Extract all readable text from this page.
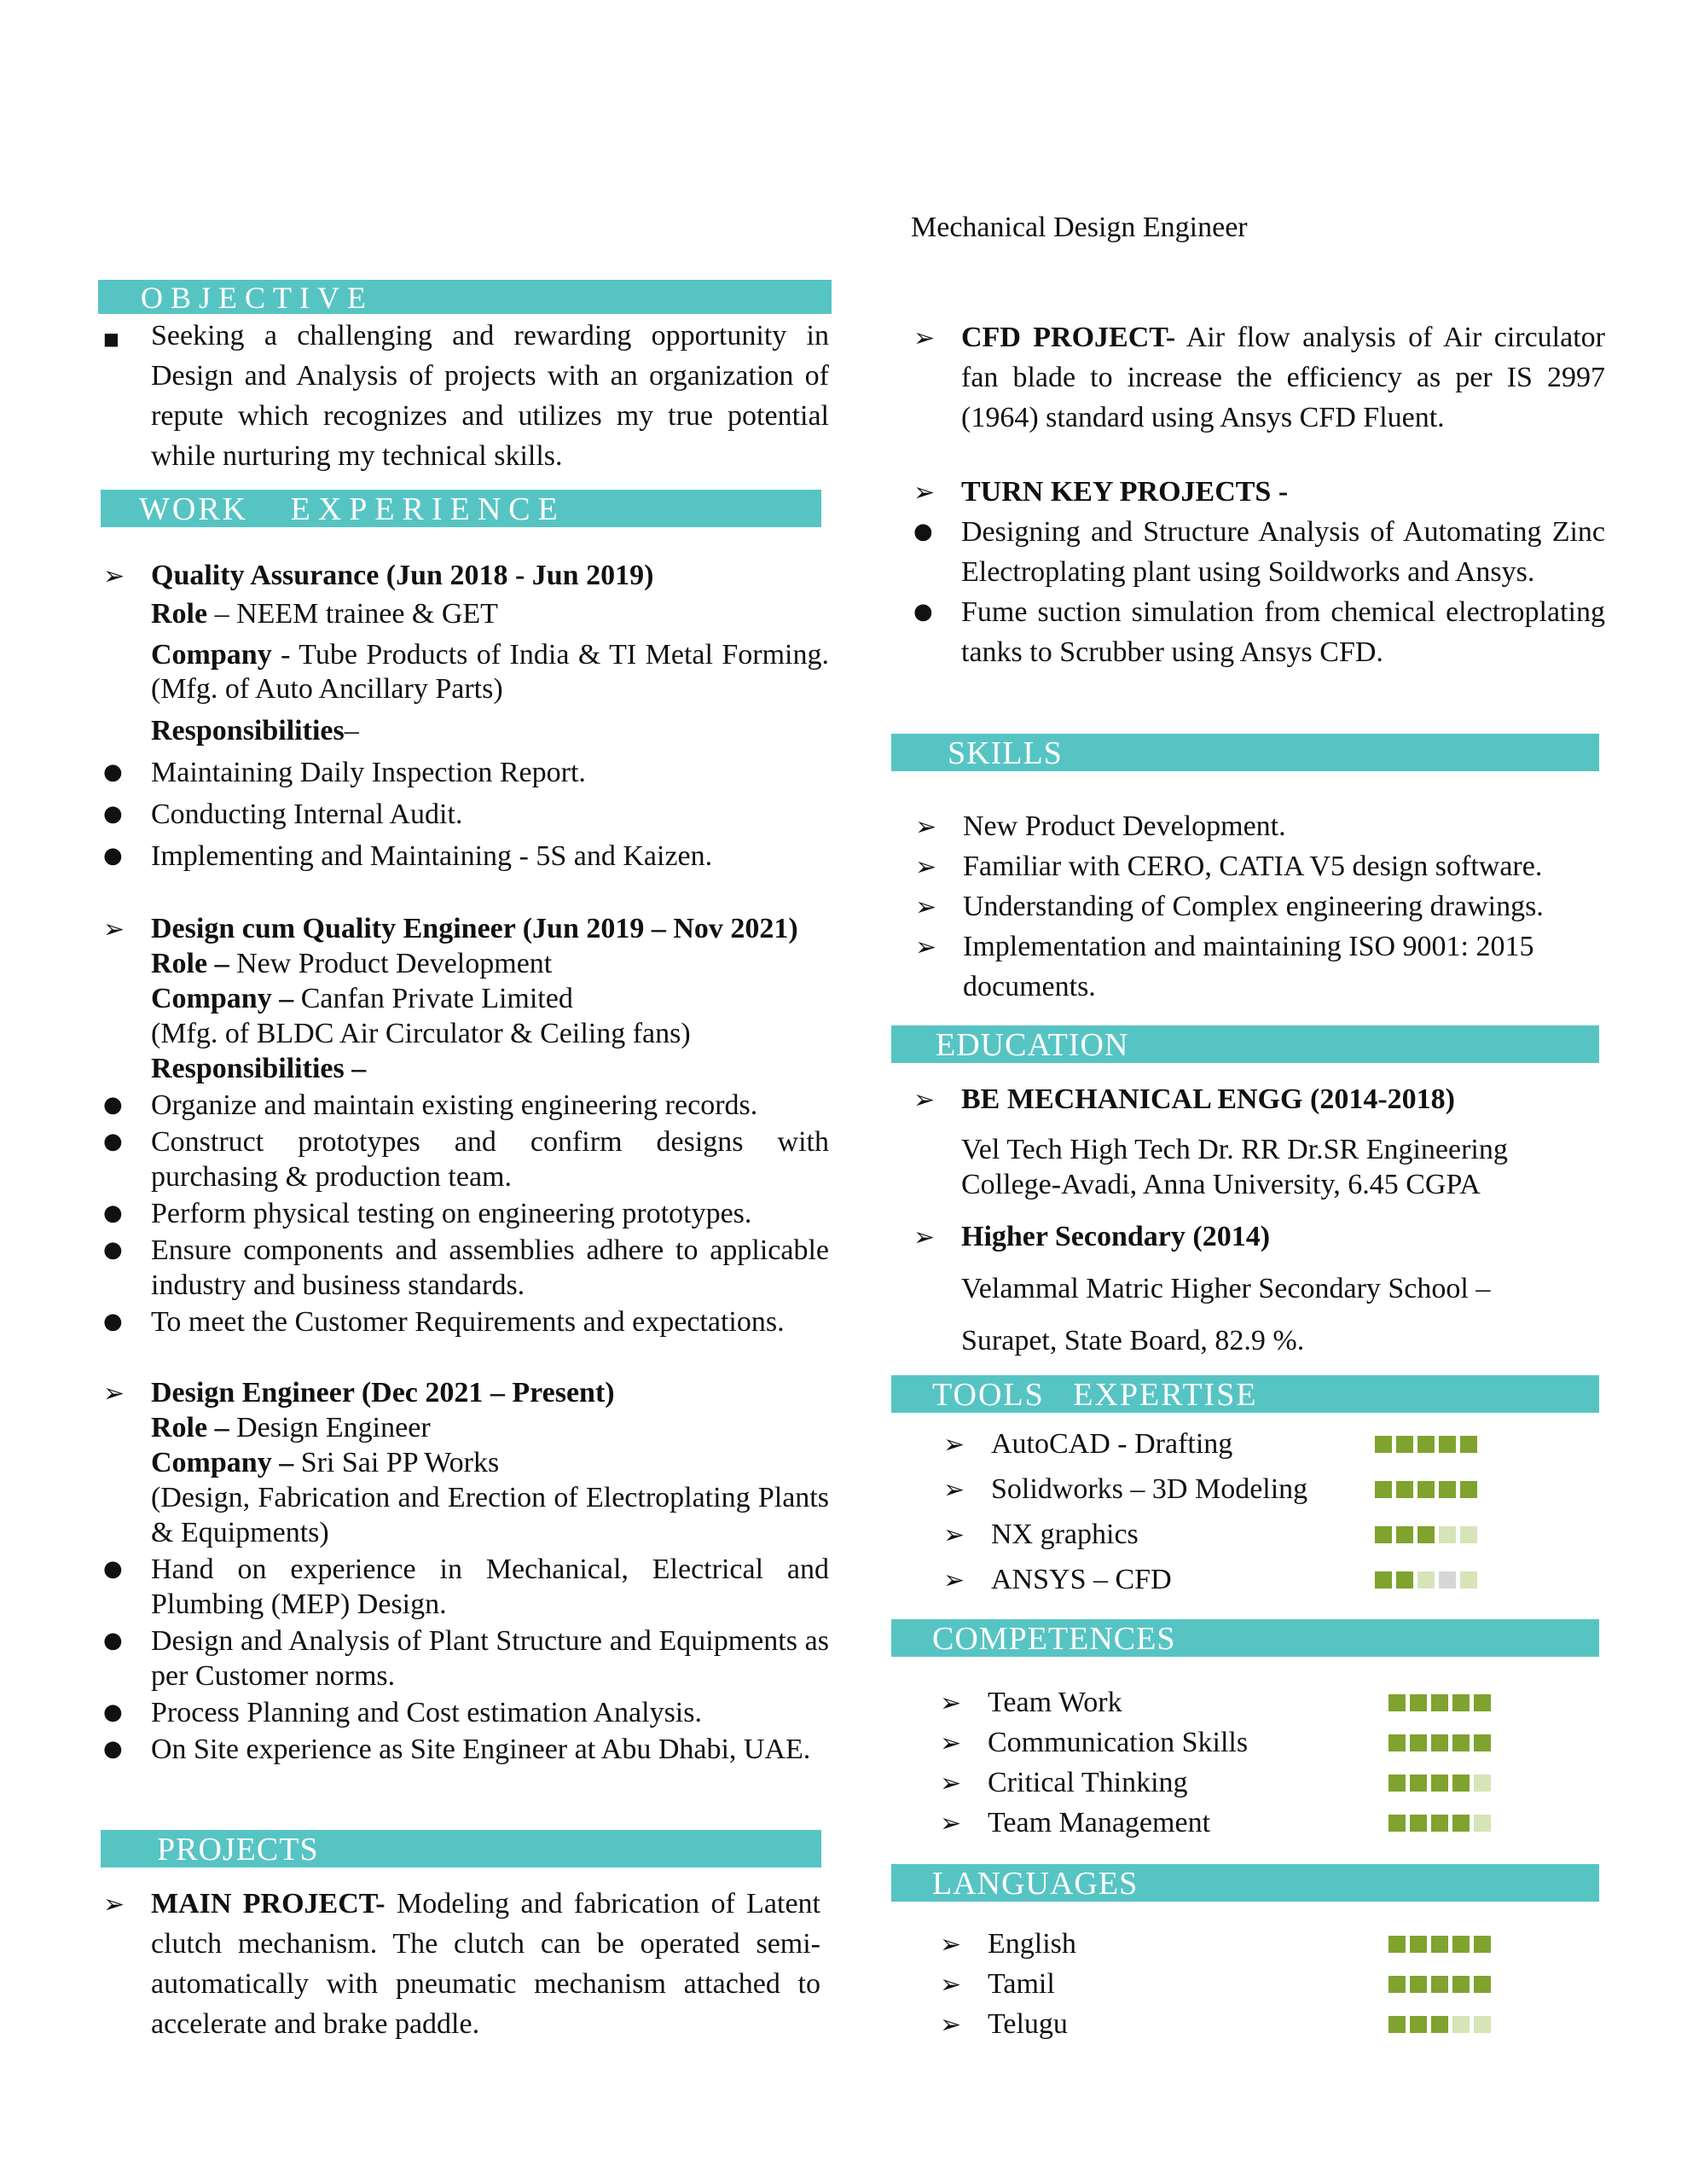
Mechanical Design Engineer
OBJECTIVE
■ Seeking a challenging and rewarding opportunity in Design and Analysis of projects with an organization of repute which recognizes and utilizes my true potential while nurturing my technical skills.
WORK EXPERIENCE
➢ Quality Assurance (Jun 2018 - Jun 2019)
Role – NEEM trainee & GET
Company - Tube Products of India & TI Metal Forming. (Mfg. of Auto Ancillary Parts)
Responsibilities–
● Maintaining Daily Inspection Report.
● Conducting Internal Audit.
● Implementing and Maintaining - 5S and Kaizen.
➢ Design cum Quality Engineer (Jun 2019 – Nov 2021)
Role – New Product Development
Company – Canfan Private Limited
(Mfg. of BLDC Air Circulator & Ceiling fans)
Responsibilities –
● Organize and maintain existing engineering records.
● Construct prototypes and confirm designs with purchasing & production team.
● Perform physical testing on engineering prototypes.
● Ensure components and assemblies adhere to applicable industry and business standards.
● To meet the Customer Requirements and expectations.
➢ Design Engineer (Dec 2021 – Present)
Role – Design Engineer
Company – Sri Sai PP Works
(Design, Fabrication and Erection of Electroplating Plants & Equipments)
● Hand on experience in Mechanical, Electrical and Plumbing (MEP) Design.
● Design and Analysis of Plant Structure and Equipments as per Customer norms.
● Process Planning and Cost estimation Analysis.
● On Site experience as Site Engineer at Abu Dhabi, UAE.
PROJECTS
➢ MAIN PROJECT- Modeling and fabrication of Latent clutch mechanism. The clutch can be operated semi-automatically with pneumatic mechanism attached to accelerate and brake paddle.
➢ CFD PROJECT- Air flow analysis of Air circulator fan blade to increase the efficiency as per IS 2997 (1964) standard using Ansys CFD Fluent.
➢ TURN KEY PROJECTS -
● Designing and Structure Analysis of Automating Zinc Electroplating plant using Soildworks and Ansys.
● Fume suction simulation from chemical electroplating tanks to Scrubber using Ansys CFD.
SKILLS
➢ New Product Development.
➢ Familiar with CERO, CATIA V5 design software.
➢ Understanding of Complex engineering drawings.
➢ Implementation and maintaining ISO 9001: 2015 documents.
EDUCATION
➢ BE MECHANICAL ENGG (2014-2018)
Vel Tech High Tech Dr. RR Dr.SR Engineering
College-Avadi, Anna University, 6.45 CGPA
➢ Higher Secondary (2014)
Velammal Matric Higher Secondary School –
Surapet, State Board, 82.9 %.
TOOLS EXPERTISE
➢ AutoCAD - Drafting
➢ Solidworks – 3D Modeling
➢ NX graphics
➢ ANSYS – CFD
COMPETENCES
➢ Team Work
➢ Communication Skills
➢ Critical Thinking
➢ Team Management
LANGUAGES
➢ English
➢ Tamil
➢ Telugu
